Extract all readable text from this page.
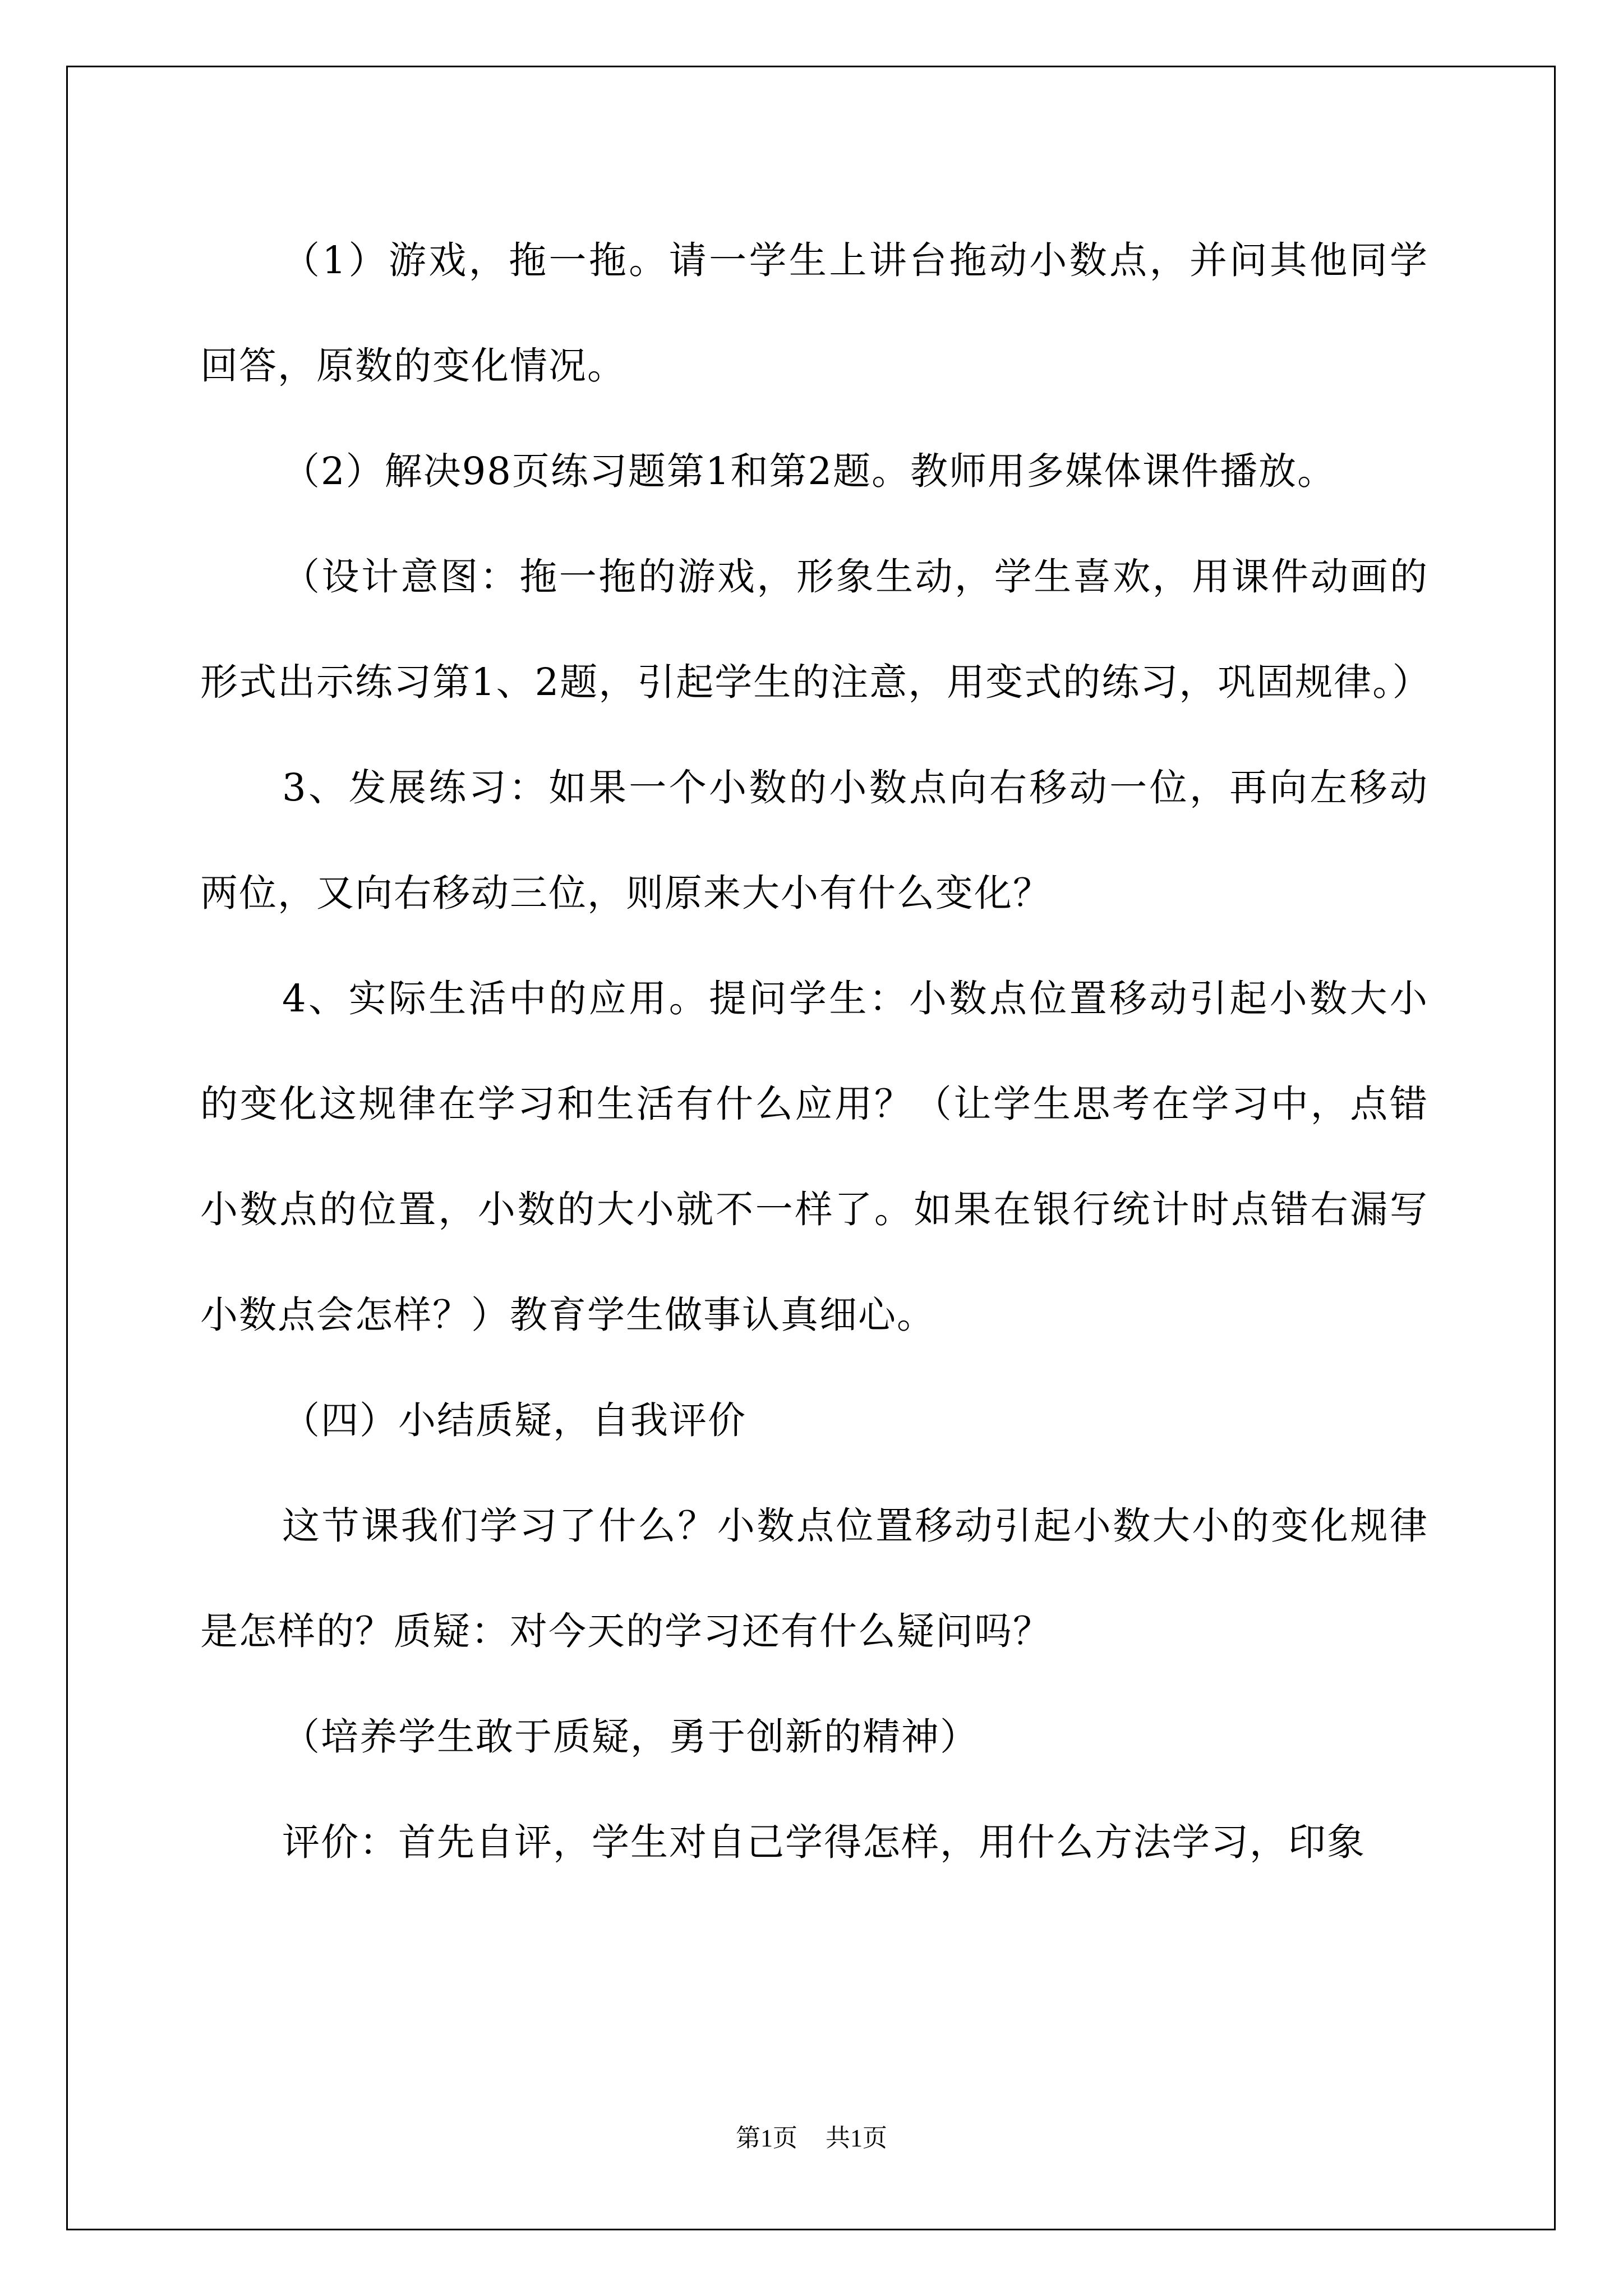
（1）游戏，拖一拖。请一学生上讲台拖动小数点，并问其他同学回答，原数的变化情况。

（2）解决98页练习题第1和第2题。教师用多媒体课件播放。

（设计意图：拖一拖的游戏，形象生动，学生喜欢，用课件动画的形式出示练习第1、2题，引起学生的注意，用变式的练习，巩固规律。）

3、发展练习：如果一个小数的小数点向右移动一位，再向左移动两位，又向右移动三位，则原来大小有什么变化？

4、实际生活中的应用。提问学生：小数点位置移动引起小数大小的变化这规律在学习和生活有什么应用？（让学生思考在学习中，点错小数点的位置，小数的大小就不一样了。如果在银行统计时点错右漏写小数点会怎样？）教育学生做事认真细心。

（四）小结质疑，自我评价

这节课我们学习了什么？小数点位置移动引起小数大小的变化规律是怎样的？质疑：对今天的学习还有什么疑问吗？

（培养学生敢于质疑，勇于创新的精神）

评价：首先自评，学生对自己学得怎样，用什么方法学习，印象

第1页 共1页
